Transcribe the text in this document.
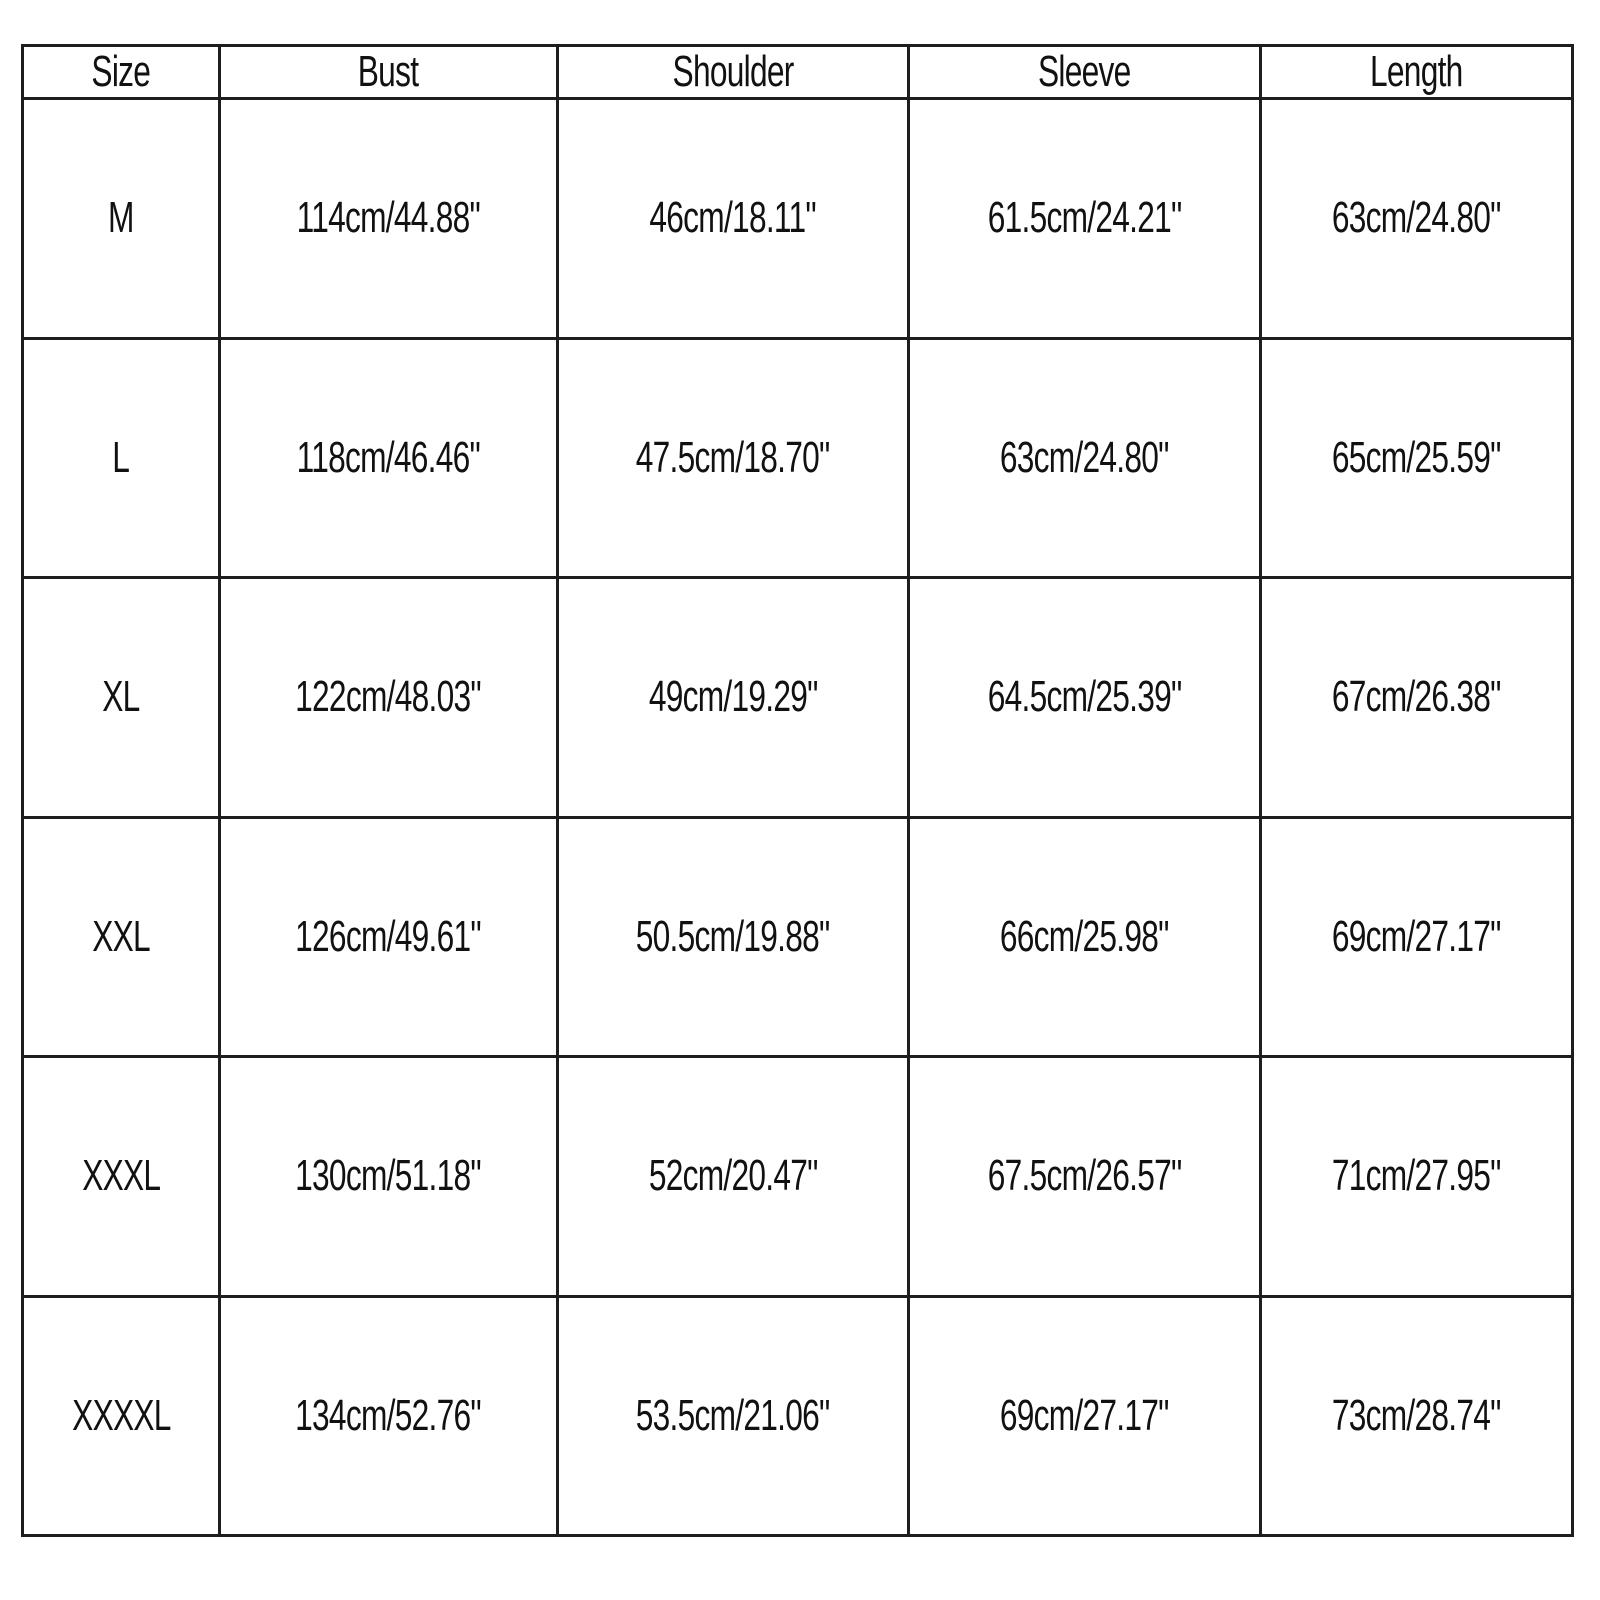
Size	Bust	Shoulder	Sleeve	Length
M	114cm/44.88"	46cm/18.11"	61.5cm/24.21"	63cm/24.80"
L	118cm/46.46"	47.5cm/18.70"	63cm/24.80"	65cm/25.59"
XL	122cm/48.03"	49cm/19.29"	64.5cm/25.39"	67cm/26.38"
XXL	126cm/49.61"	50.5cm/19.88"	66cm/25.98"	69cm/27.17"
XXXL	130cm/51.18"	52cm/20.47"	67.5cm/26.57"	71cm/27.95"
XXXXL	134cm/52.76"	53.5cm/21.06"	69cm/27.17"	73cm/28.74"
